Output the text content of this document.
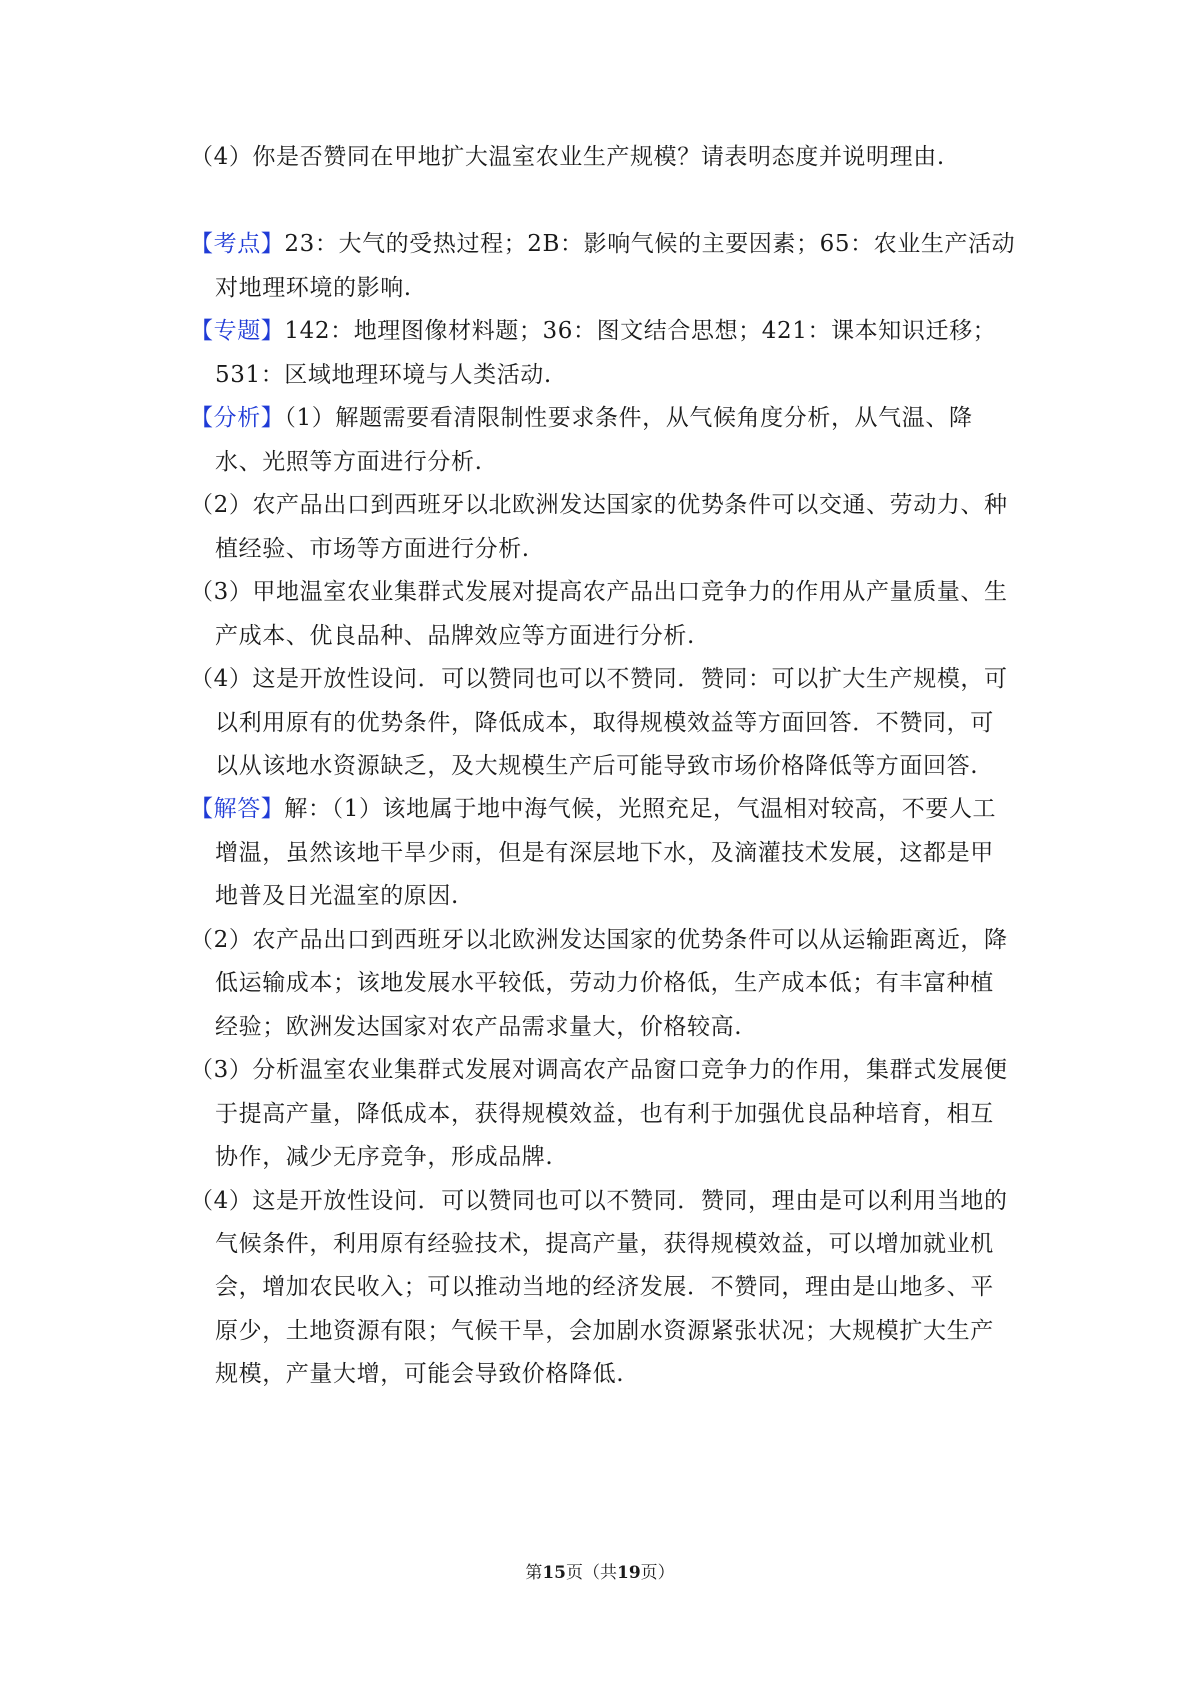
（4）你是否赞同在甲地扩大温室农业生产规模？请表明态度并说明理由.
【考点】23：大气的受热过程；2B：影响气候的主要因素；65：农业生产活动
对地理环境的影响.
【专题】142：地理图像材料题；36：图文结合思想；421：课本知识迁移；
531：区域地理环境与人类活动.
【分析】（1）解题需要看清限制性要求条件，从气候角度分析，从气温、降
水、光照等方面进行分析.
（2）农产品出口到西班牙以北欧洲发达国家的优势条件可以交通、劳动力、种
植经验、市场等方面进行分析.
（3）甲地温室农业集群式发展对提高农产品出口竞争力的作用从产量质量、生
产成本、优良品种、品牌效应等方面进行分析.
（4）这是开放性设问．可以赞同也可以不赞同．赞同：可以扩大生产规模，可
以利用原有的优势条件，降低成本，取得规模效益等方面回答．不赞同，可
以从该地水资源缺乏，及大规模生产后可能导致市场价格降低等方面回答.
【解答】解：（1）该地属于地中海气候，光照充足，气温相对较高，不要人工
增温，虽然该地干旱少雨，但是有深层地下水，及滴灌技术发展，这都是甲
地普及日光温室的原因.
（2）农产品出口到西班牙以北欧洲发达国家的优势条件可以从运输距离近，降
低运输成本；该地发展水平较低，劳动力价格低，生产成本低；有丰富种植
经验；欧洲发达国家对农产品需求量大，价格较高.
（3）分析温室农业集群式发展对调高农产品窗口竞争力的作用，集群式发展便
于提高产量，降低成本，获得规模效益，也有利于加强优良品种培育，相互
协作，减少无序竞争，形成品牌.
（4）这是开放性设问．可以赞同也可以不赞同．赞同，理由是可以利用当地的
气候条件，利用原有经验技术，提高产量，获得规模效益，可以增加就业机
会，增加农民收入；可以推动当地的经济发展．不赞同，理由是山地多、平
原少，土地资源有限；气候干旱，会加剧水资源紧张状况；大规模扩大生产
规模，产量大增，可能会导致价格降低.
第15页（共19页）
